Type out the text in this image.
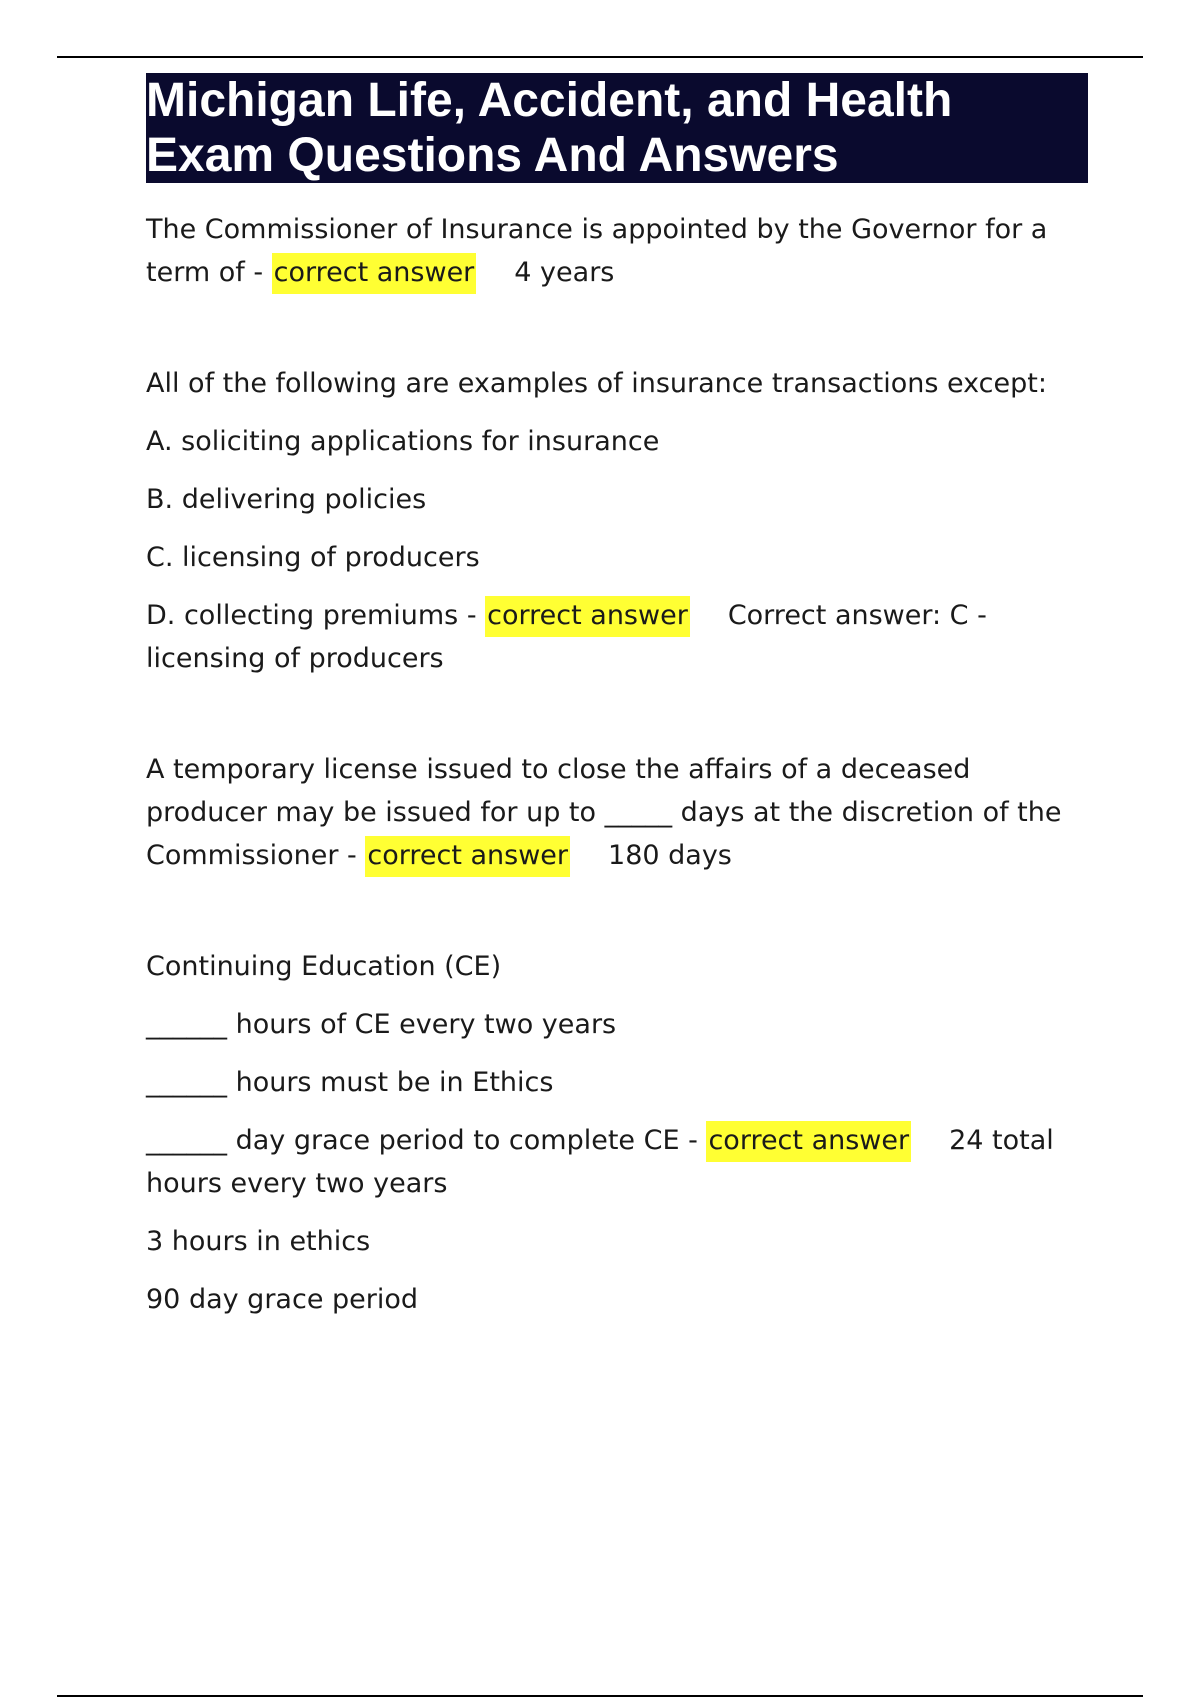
Michigan Life, Accident, and Health
Exam Questions And Answers

The Commissioner of Insurance is appointed by the Governor for a term of - correct answer 4 years

All of the following are examples of insurance transactions except:

A. soliciting applications for insurance

B. delivering policies

C. licensing of producers

D. collecting premiums - correct answer Correct answer: C - licensing of producers

A temporary license issued to close the affairs of a deceased producer may be issued for up to _____ days at the discretion of the Commissioner - correct answer 180 days

Continuing Education (CE)

______ hours of CE every two years

______ hours must be in Ethics

______ day grace period to complete CE - correct answer 24 total hours every two years

3 hours in ethics

90 day grace period
